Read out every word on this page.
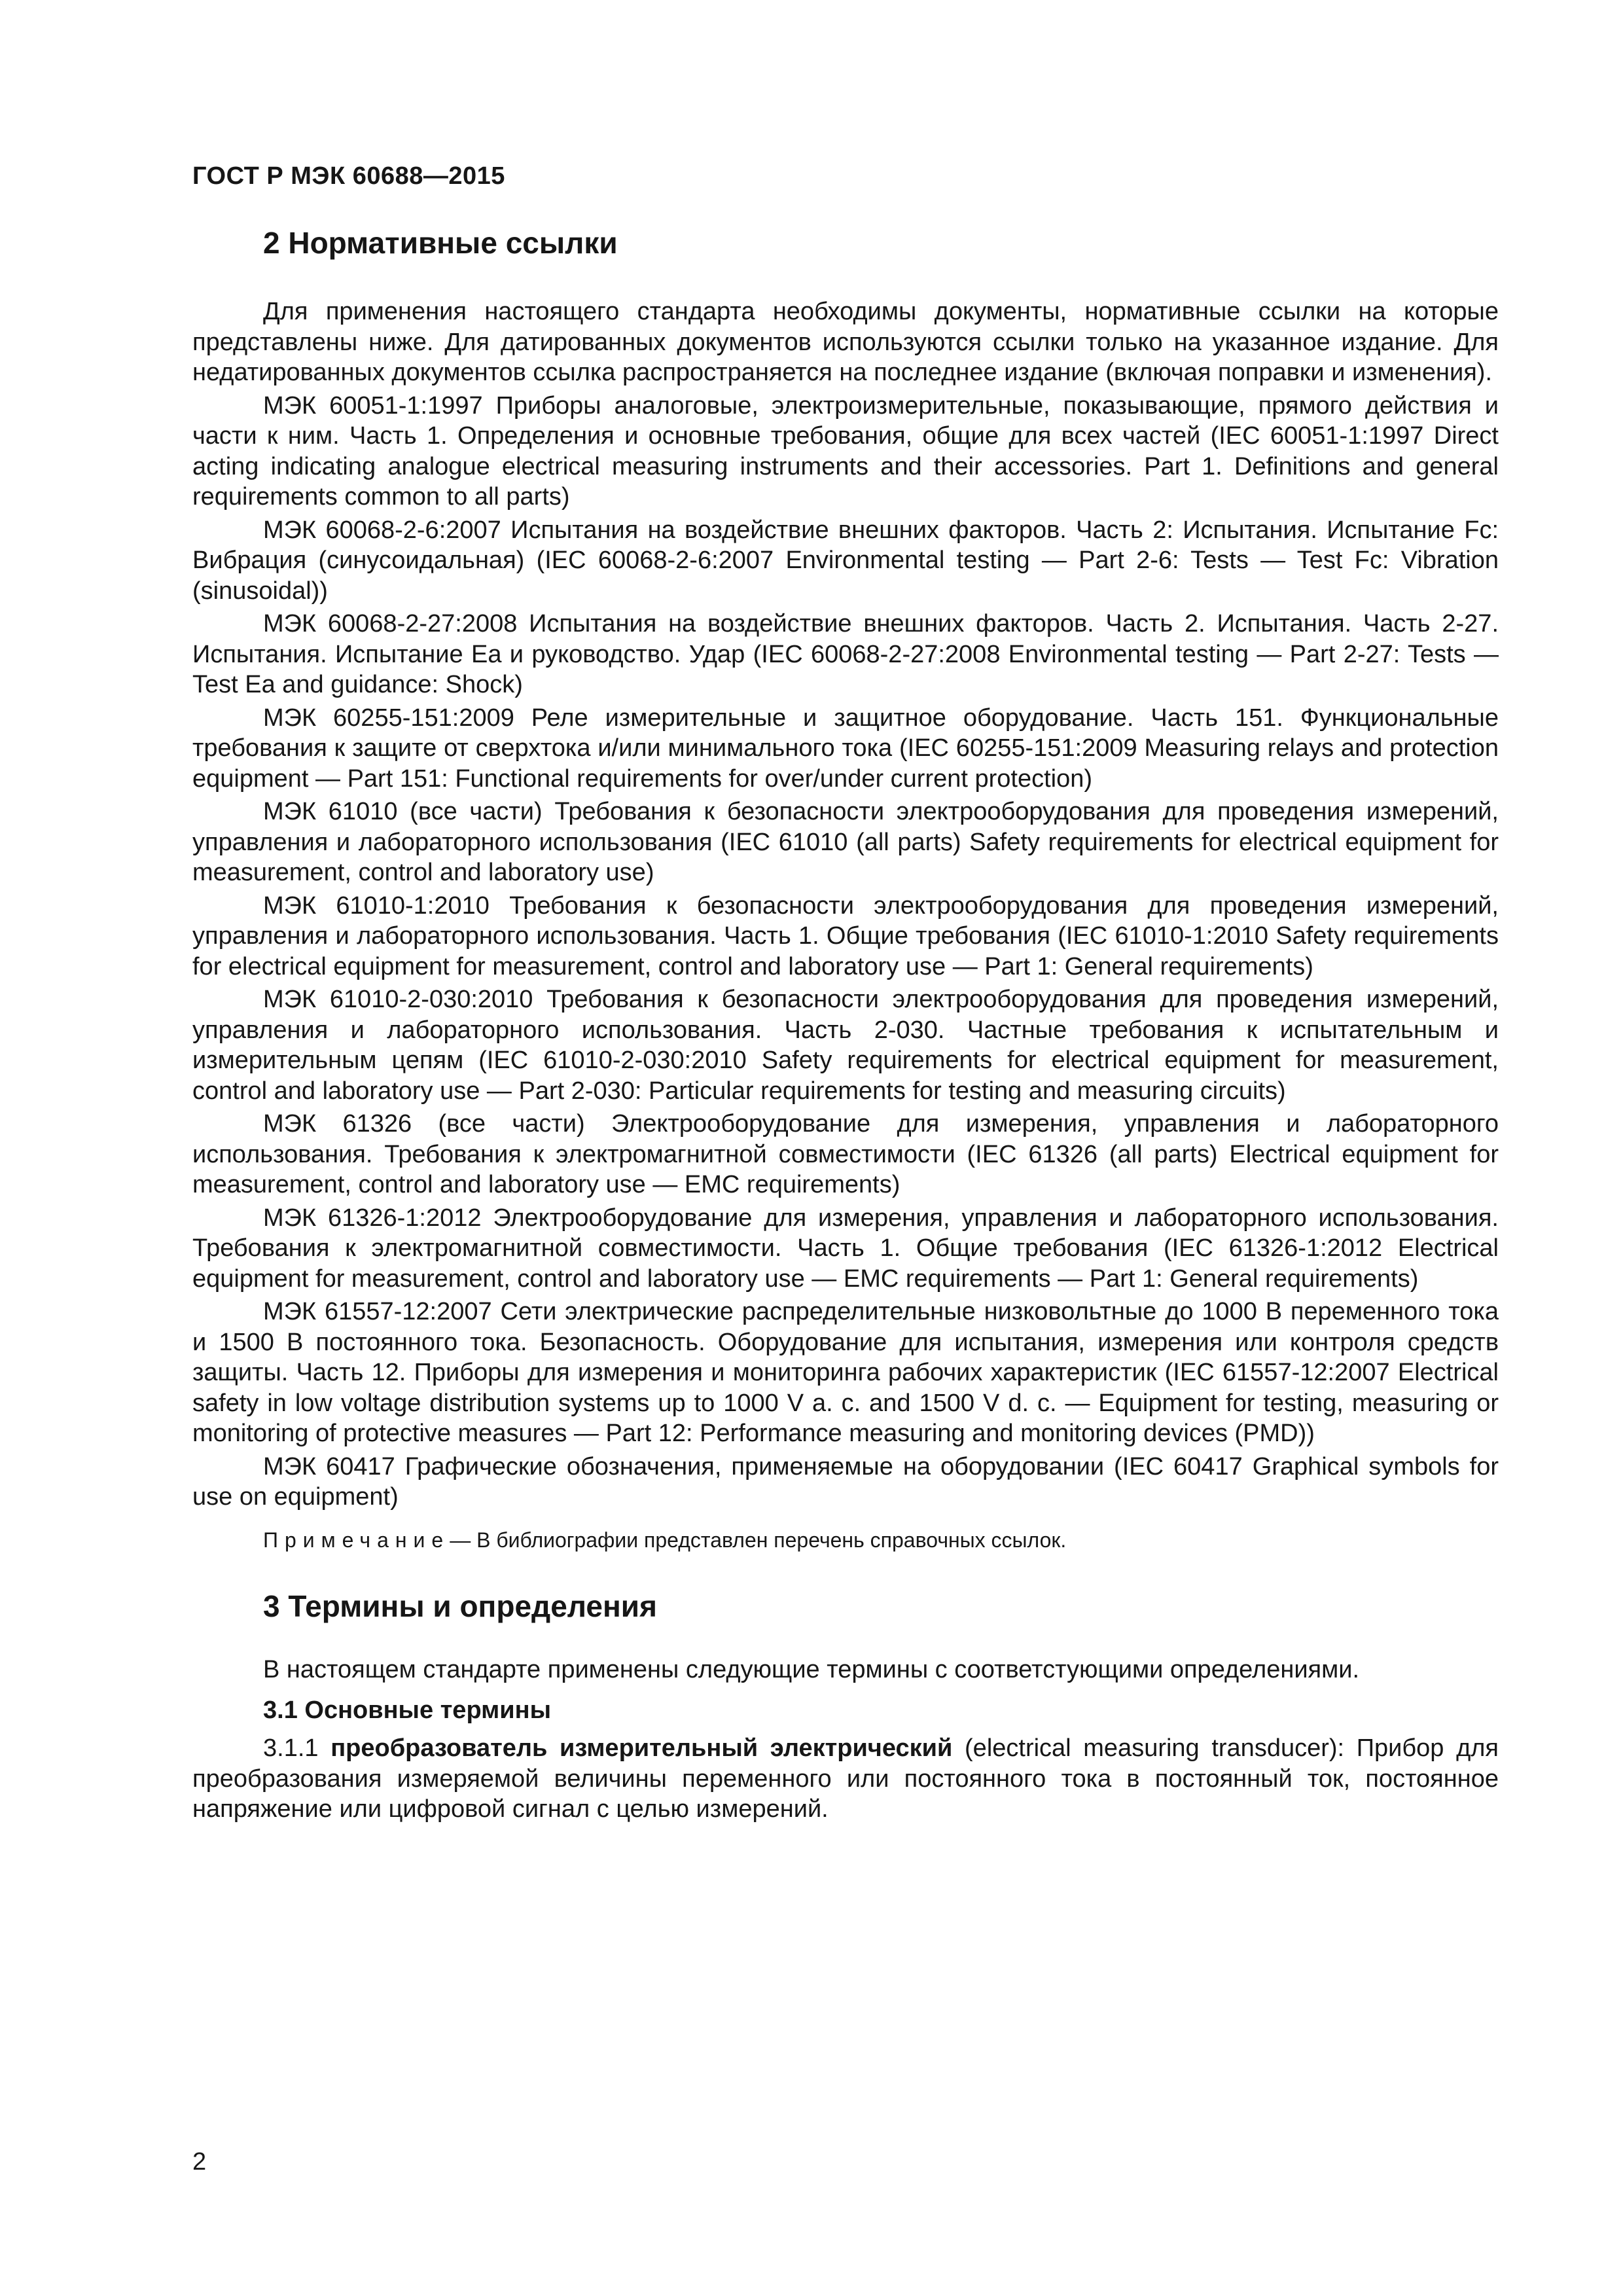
ГОСТ Р МЭК 60688—2015

2 Нормативные ссылки

Для применения настоящего стандарта необходимы документы, нормативные ссылки на которые представлены ниже. Для датированных документов используются ссылки только на указанное издание. Для недатированных документов ссылка распространяется на последнее издание (включая поправки и изменения).

МЭК 60051-1:1997 Приборы аналоговые, электроизмерительные, показывающие, прямого действия и части к ним. Часть 1. Определения и основные требования, общие для всех частей (IEC 60051-1:1997 Direct acting indicating analogue electrical measuring instruments and their accessories. Part 1. Definitions and general requirements common to all parts)

МЭК 60068-2-6:2007 Испытания на воздействие внешних факторов. Часть 2: Испытания. Испытание Fc: Вибрация (синусоидальная) (IEC 60068-2-6:2007 Environmental testing — Part 2-6: Tests — Test Fc: Vibration (sinusoidal))

МЭК 60068-2-27:2008 Испытания на воздействие внешних факторов. Часть 2. Испытания. Часть 2-27. Испытания. Испытание Ea и руководство. Удар (IEC 60068-2-27:2008 Environmental testing — Part 2-27: Tests — Test Ea and guidance: Shock)

МЭК 60255-151:2009 Реле измерительные и защитное оборудование. Часть 151. Функциональные требования к защите от сверхтока и/или минимального тока (IEC 60255-151:2009 Measuring relays and protection equipment — Part 151: Functional requirements for over/under current protection)

МЭК 61010 (все части) Требования к безопасности электрооборудования для проведения измерений, управления и лабораторного использования (IEC 61010 (all parts) Safety requirements for electrical equipment for measurement, control and laboratory use)

МЭК 61010-1:2010 Требования к безопасности электрооборудования для проведения измерений, управления и лабораторного использования. Часть 1. Общие требования (IEC 61010-1:2010 Safety requirements for electrical equipment for measurement, control and laboratory use — Part 1: General requirements)

МЭК 61010-2-030:2010 Требования к безопасности электрооборудования для проведения измерений, управления и лабораторного использования. Часть 2-030. Частные требования к испытательным и измерительным цепям (IEC 61010-2-030:2010 Safety requirements for electrical equipment for measurement, control and laboratory use — Part 2-030: Particular requirements for testing and measuring circuits)

МЭК 61326 (все части) Электрооборудование для измерения, управления и лабораторного использования. Требования к электромагнитной совместимости (IEC 61326 (all parts) Electrical equipment for measurement, control and laboratory use — EMC requirements)

МЭК 61326-1:2012 Электрооборудование для измерения, управления и лабораторного использования. Требования к электромагнитной совместимости. Часть 1. Общие требования (IEC 61326-1:2012 Electrical equipment for measurement, control and laboratory use — EMC requirements — Part 1: General requirements)

МЭК 61557-12:2007 Сети электрические распределительные низковольтные до 1000 В переменного тока и 1500 В постоянного тока. Безопасность. Оборудование для испытания, измерения или контроля средств защиты. Часть 12. Приборы для измерения и мониторинга рабочих характеристик (IEC 61557-12:2007 Electrical safety in low voltage distribution systems up to 1000 V a. c. and 1500 V d. c. — Equipment for testing, measuring or monitoring of protective measures — Part 12: Performance measuring and monitoring devices (PMD))

МЭК 60417 Графические обозначения, применяемые на оборудовании (IEC 60417 Graphical symbols for use on equipment)

Примечание— В библиографии представлен перечень справочных ссылок.

3 Термины и определения

В настоящем стандарте применены следующие термины с соответстующими определениями.

3.1 Основные термины

3.1.1 преобразователь измерительный электрический (electrical measuring transducer): Прибор для преобразования измеряемой величины переменного или постоянного тока в постоянный ток, постоянное напряжение или цифровой сигнал с целью измерений.

2
